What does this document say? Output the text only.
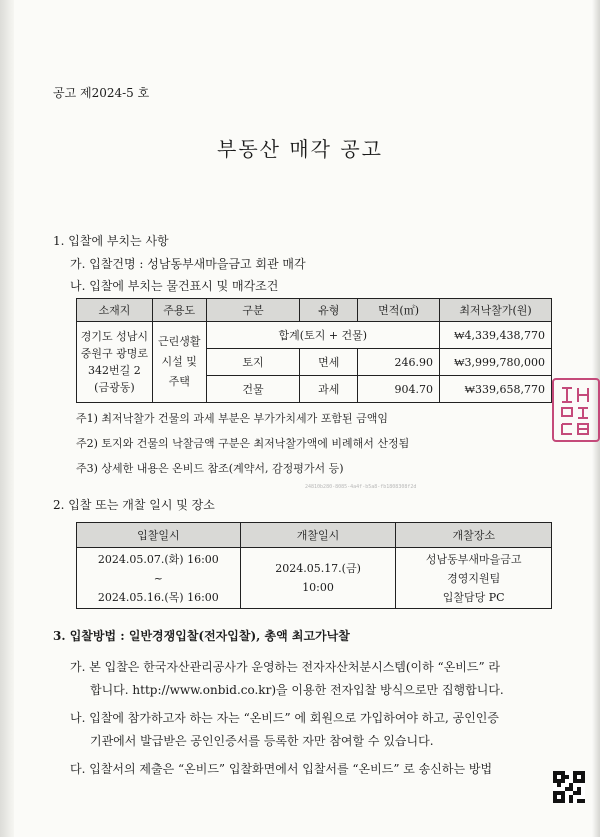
공고 제2024-5 호
부동산 매각 공고
1. 입찰에 부치는 사항
가. 입찰건명 : 성남동부새마을금고 회관 매각
나. 입찰에 부치는 물건표시 및 매각조건
소재지	주용도	구분	유형	면적(㎡)	최저낙찰가(원)

경기도 성남시
중원구 광명로
342번길 2
(금광동)	근린생활
시설 및
주택	합계(토지 + 건물)			₩4,339,438,770
		토지	면세	246.90	₩3,999,780,000
		건물	과세	904.70	₩339,658,770
주1) 최저낙찰가 건물의 과세 부분은 부가가치세가 포함된 금액임
주2) 토지와 건물의 낙찰금액 구분은 최저낙찰가액에 비례해서 산정됨
주3) 상세한 내용은 온비드 참조(계약서, 감정평가서 등)
24810b280-8085-4a4f-b5a8-fb1808308f2d
2. 입찰 또는 개찰 일시 및 장소
입찰일시	개찰일시	개찰장소

2024.05.07.(화) 16:00
~
2024.05.16.(목) 16:00	2024.05.17.(금)
10:00	성남동부새마을금고
경영지원팀
입찰담당 PC
3. 입찰방법 : 일반경쟁입찰(전자입찰), 총액 최고가낙찰
가. 본 입찰은 한국자산관리공사가 운영하는 전자자산처분시스템(이하 “온비드” 라
합니다. http://www.onbid.co.kr)을 이용한 전자입찰 방식으로만 집행합니다.
나. 입찰에 참가하고자 하는 자는 “온비드” 에 회원으로 가입하여야 하고, 공인인증
기관에서 발급받은 공인인증서를 등록한 자만 참여할 수 있습니다.
다. 입찰서의 제출은 “온비드” 입찰화면에서 입찰서를 “온비드” 로 송신하는 방법
